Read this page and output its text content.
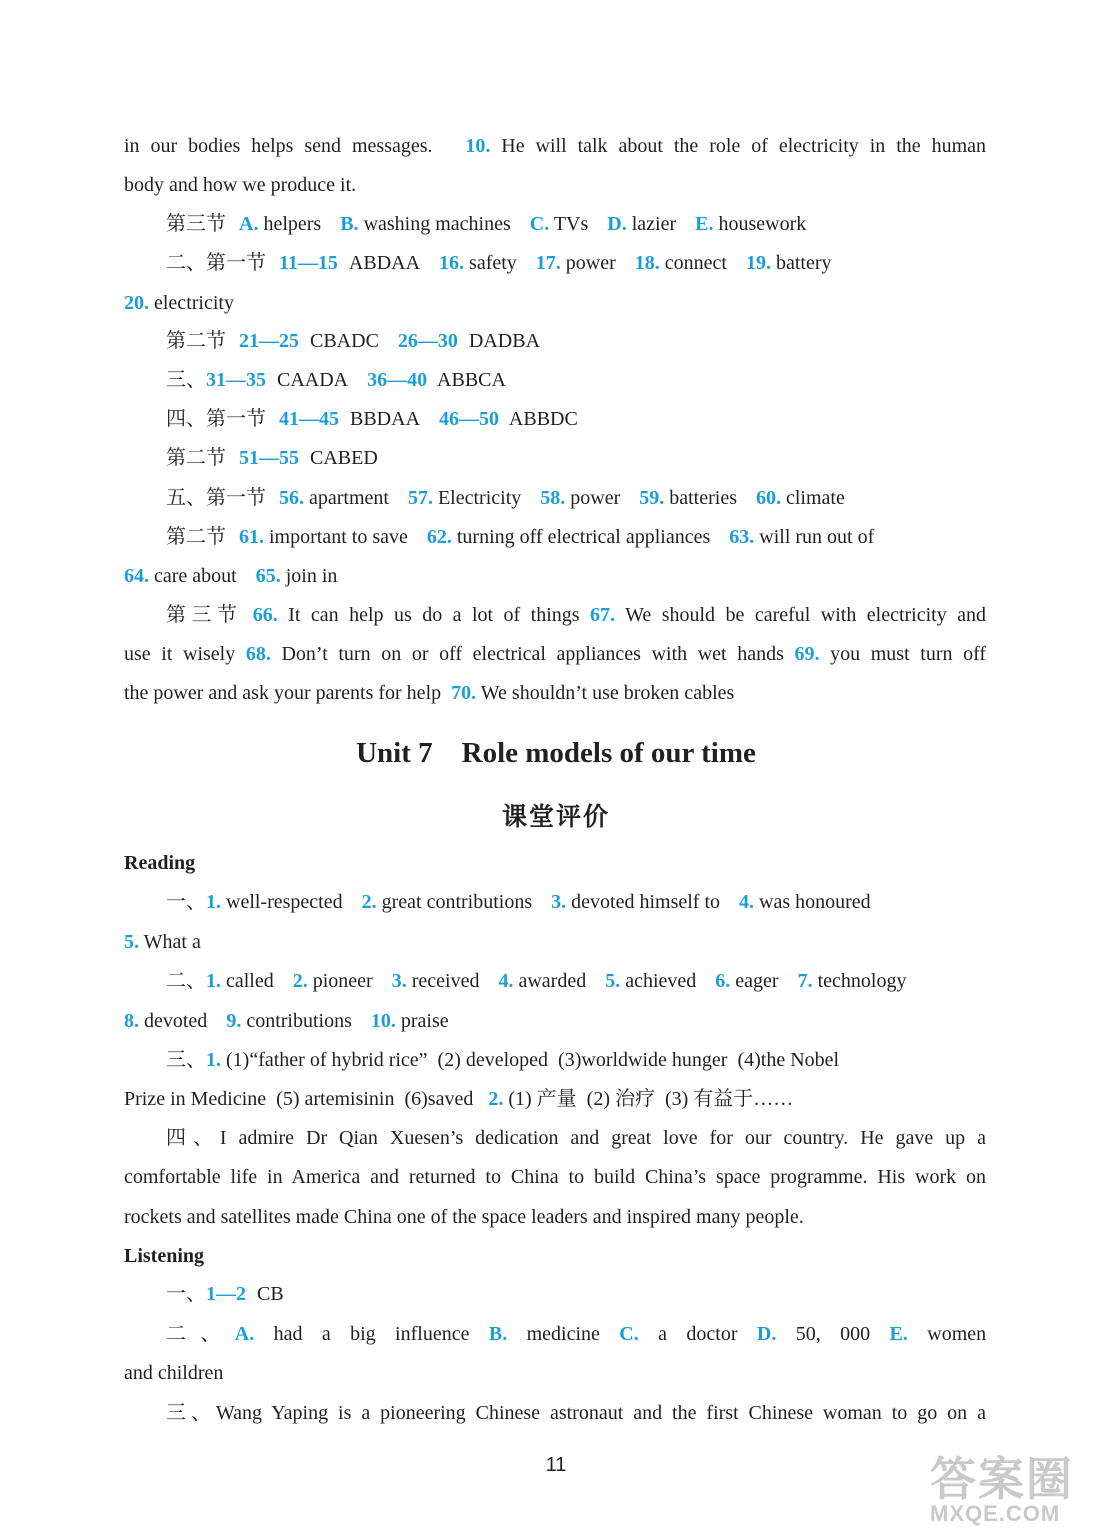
in our bodies helps send messages. 10. He will talk about the role of electricity in the human
body and how we produce it.
第三节 A. helpers B. washing machines C. TVs D. lazier E. housework
二、第一节 11—15 ABDAA 16. safety 17. power 18. connect 19. battery
20. electricity
第二节 21—25 CBADC 26—30 DADBA
三、31—35 CAADA 36—40 ABBCA
四、第一节 41—45 BBDAA 46—50 ABBDC
第二节 51—55 CABED
五、第一节 56. apartment 57. Electricity 58. power 59. batteries 60. climate
第二节 61. important to save 62. turning off electrical appliances 63. will run out of
64. care about 65. join in
第三节 66. It can help us do a lot of things 67. We should be careful with electricity and
use it wisely 68. Don’t turn on or off electrical appliances with wet hands 69. you must turn off
the power and ask your parents for help 70. We shouldn’t use broken cables
Unit 7    Role models of our time
课堂评价
Reading
一、1. well-respected 2. great contributions 3. devoted himself to 4. was honoured
5. What a
二、1. called 2. pioneer 3. received 4. awarded 5. achieved 6. eager 7. technology
8. devoted 9. contributions 10. praise
三、1. (1)“father of hybrid rice”  (2) developed  (3)worldwide hunger  (4)the Nobel
Prize in Medicine  (5) artemisinin  (6)saved 2. (1) 产量  (2) 治疗  (3) 有益于……
四、I admire Dr Qian Xuesen’s dedication and great love for our country. He gave up a
comfortable life in America and returned to China to build China’s space programme. His work on
rockets and satellites made China one of the space leaders and inspired many people.
Listening
一、1—2 CB
二、A. had a big influence B. medicine C. a doctor D. 50, 000 E. women
and children
三、Wang Yaping is a pioneering Chinese astronaut and the first Chinese woman to go on a
11	答案圈
MXQE.COM
